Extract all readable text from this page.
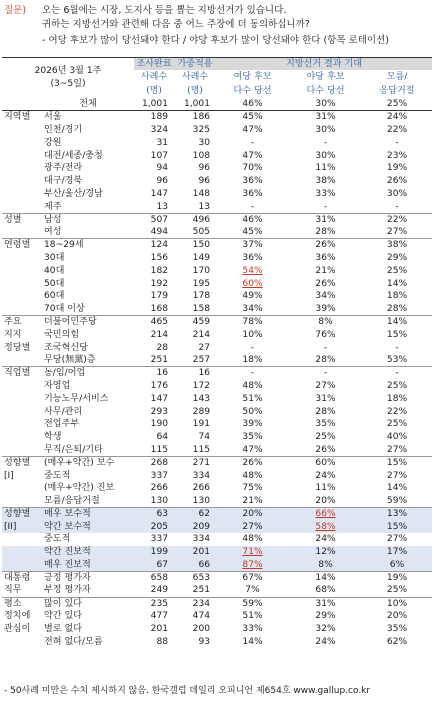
질문) 오는 6월에는 시장, 도지사 등을 뽑는 지방선거가 있습니다.
귀하는 지방선거와 관련해 다음 중 어느 주장에 더 동의하십니까?
- 여당 후보가 많이 당선돼야 한다 / 야당 후보가 많이 당선돼야 한다 (항목 로테이션)
2026년 3월 1주
(3~5일)		조사완료	가중적용	지방선거 결과 기대		
		사례수	사례수	여당 후보	야당 후보	모름/
		(명)	(명)	다수 당선	다수 당선	응답거절
	전체	1,001	1,001	46%	30%	25%
지역별	서울	189	186	45%	31%	24%
	인천/경기	324	325	47%	30%	22%
	강원	31	30	-	-	-
	대전/세종/충청	107	108	47%	30%	23%
	광주/전라	94	96	70%	11%	19%
	대구/경북	96	96	36%	38%	26%
	부산/울산/경남	147	148	36%	33%	30%
	제주	13	13	-	-	-
성별	남성	507	496	46%	31%	22%
	여성	494	505	45%	28%	27%
연령별	18~29세	124	150	37%	26%	38%
	30대	156	149	36%	36%	29%
	40대	182	170	54%	21%	25%
	50대	192	195	60%	26%	14%
	60대	179	178	49%	34%	18%
	70대 이상	168	158	34%	39%	28%
주요	더불어민주당	465	459	78%	8%	14%
지지	국민의힘	214	214	10%	76%	15%
정당별	조국혁신당	28	27	-	-	-
	무당(無黨)층	251	257	18%	28%	53%
직업별	농/임/어업	16	16	-	-	-
	자영업	176	172	48%	27%	25%
	기능노무/서비스	147	143	51%	31%	18%
	사무/관리	293	289	50%	28%	22%
	전업주부	190	191	39%	35%	25%
	학생	64	74	35%	25%	40%
	무직/은퇴/기타	115	115	47%	26%	27%
성향별	(매우+약간) 보수	268	271	26%	60%	15%
[I]	중도적	337	334	48%	24%	27%
	(매우+약간) 진보	266	266	75%	11%	14%
	모름/응답거절	130	130	21%	20%	59%
성향별	매우 보수적	63	62	20%	66%	13%
[II]	약간 보수적	205	209	27%	58%	15%
	중도적	337	334	48%	24%	27%
	약간 진보적	199	201	71%	12%	17%
	매우 진보적	67	66	87%	8%	6%
대통령	긍정 평가자	658	653	67%	14%	19%
직무	부정 평가자	249	251	7%	68%	25%
평소	많이 있다	235	234	59%	31%	10%
정치에	약간 있다	477	474	51%	29%	20%
관심이	별로 없다	201	200	33%	32%	35%
	전혀 없다/모름	88	93	14%	24%	62%
- 50사례 미만은 수치 제시하지 않음. 한국갤럽 데일리 오피니언 제654호 www.gallup.co.kr
